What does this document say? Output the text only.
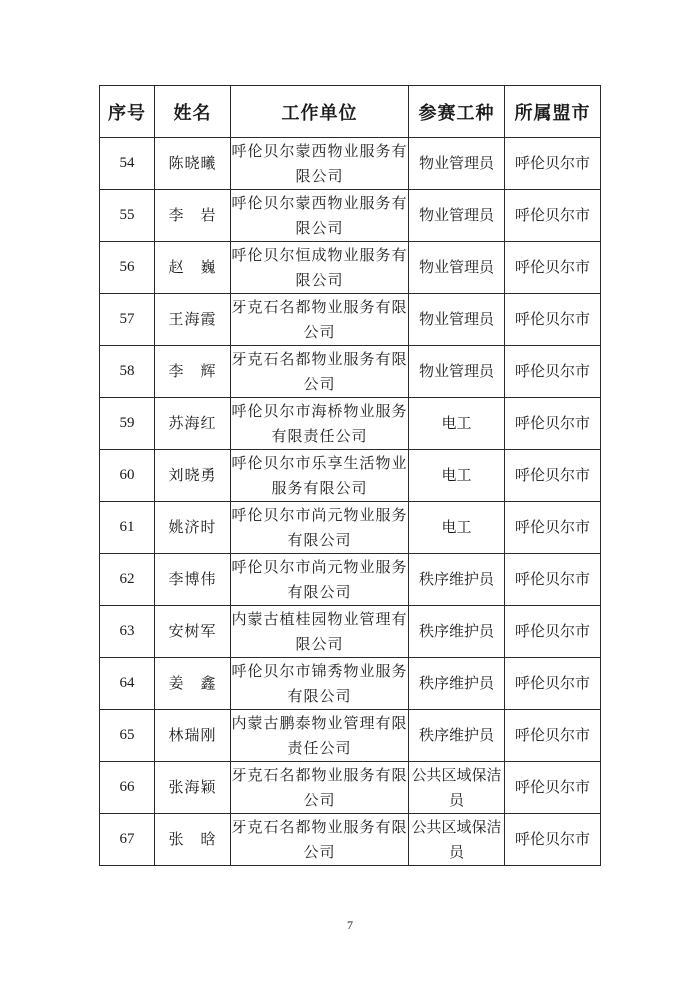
序号	姓名	工作单位	参赛工种	所属盟市
54	陈晓曦	呼伦贝尔蒙西物业服务有限公司	物业管理员	呼伦贝尔市
55	李　岩	呼伦贝尔蒙西物业服务有限公司	物业管理员	呼伦贝尔市
56	赵　巍	呼伦贝尔恒成物业服务有限公司	物业管理员	呼伦贝尔市
57	王海霞	牙克石名都物业服务有限公司	物业管理员	呼伦贝尔市
58	李　辉	牙克石名都物业服务有限公司	物业管理员	呼伦贝尔市
59	苏海红	呼伦贝尔市海桥物业服务有限责任公司	电工	呼伦贝尔市
60	刘晓勇	呼伦贝尔市乐享生活物业服务有限公司	电工	呼伦贝尔市
61	姚济时	呼伦贝尔市尚元物业服务有限公司	电工	呼伦贝尔市
62	李博伟	呼伦贝尔市尚元物业服务有限公司	秩序维护员	呼伦贝尔市
63	安树军	内蒙古植桂园物业管理有限公司	秩序维护员	呼伦贝尔市
64	姜　鑫	呼伦贝尔市锦秀物业服务有限公司	秩序维护员	呼伦贝尔市
65	林瑞刚	内蒙古鹏泰物业管理有限责任公司	秩序维护员	呼伦贝尔市
66	张海颖	牙克石名都物业服务有限公司	公共区域保洁员	呼伦贝尔市
67	张　晗	牙克石名都物业服务有限公司	公共区域保洁员	呼伦贝尔市
7
